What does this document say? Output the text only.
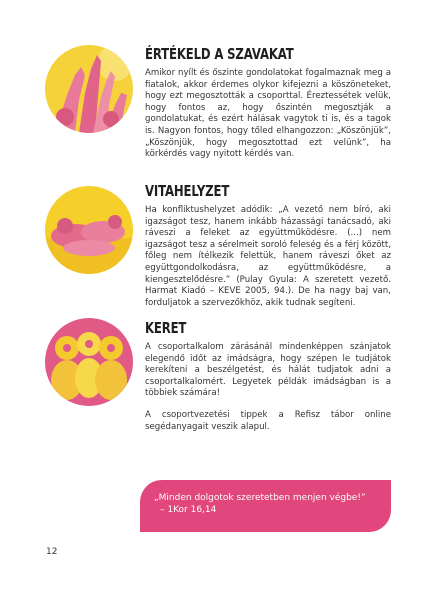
ÉRTÉKELD A SZAVAKAT

Amikor nyílt és őszinte gondolatokat fogalmaznak meg a fiatalok, akkor érdemes olykor kifejezni a köszöneteket, hogy ezt megosztották a csoporttal. Éreztessétek velük, hogy fontos az, hogy őszintén megosztják a gondolatukat, és ezért hálásak vagytok ti is, és a tagok is. Nagyon fontos, hogy tőled elhangozzon: „Köszönjük”, „Köszönjük, hogy megosztottad ezt velünk”, ha körkérdés vagy nyitott kérdés van.

VITAHELYZET

Ha konfliktushelyzet adódik: „A vezető nem bíró, aki igazságot tesz, hanem inkább házassági tanácsadó, aki ráveszi a feleket az együttműködésre. (...) nem igazságot tesz a sérelmeit soroló feleség és a férj között, főleg nem ítélkezik felettük, hanem ráveszi őket az együttgondolkodásra, az együttműködésre, a kiengesztelődésre.” (Pulay Gyula: A szeretett vezető. Harmat Kiadó – KEVE 2005, 94.). De ha nagy baj van, forduljatok a szervezőkhöz, akik tudnak segíteni.

KERET

A csoportalkalom zárásánál mindenképpen szánjatok elegendő időt az imádságra, hogy szépen le tudjátok kerekíteni a beszélgetést, és hálát tudjatok adni a csoportalkalomért. Legyetek példák imádságban is a többiek számára!

A csoportvezetési tippek a Refisz tábor online segédanyagait veszik alapul.

„Minden dolgotok szeretetben menjen végbe!”
– 1Kor 16,14
12
